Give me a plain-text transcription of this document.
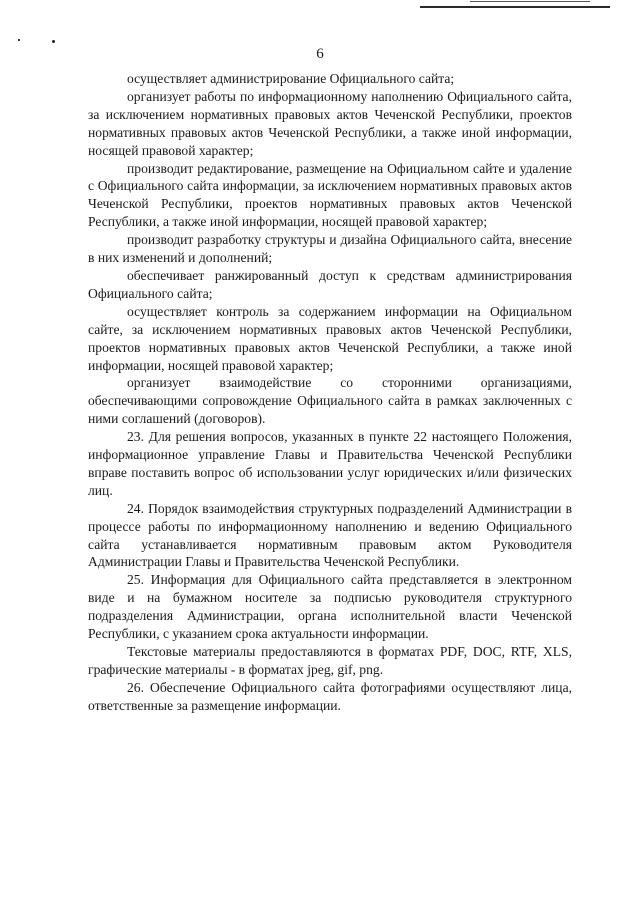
6

осуществляет администрирование Официального сайта;

организует работы по информационному наполнению Официального сайта, за исключением нормативных правовых актов Чеченской Республики, проектов нормативных правовых актов Чеченской Республики, а также иной информации, носящей правовой характер;

производит редактирование, размещение на Официальном сайте и удаление с Официального сайта информации, за исключением нормативных правовых актов Чеченской Республики, проектов нормативных правовых актов Чеченской Республики, а также иной информации, носящей правовой характер;

производит разработку структуры и дизайна Официального сайта, внесение в них изменений и дополнений;

обеспечивает ранжированный доступ к средствам администрирования Официального сайта;

осуществляет контроль за содержанием информации на Официальном сайте, за исключением нормативных правовых актов Чеченской Республики, проектов нормативных правовых актов Чеченской Республики, а также иной информации, носящей правовой характер;

организует взаимодействие со сторонними организациями, обеспечивающими сопровождение Официального сайта в рамках заключенных с ними соглашений (договоров).

23. Для решения вопросов, указанных в пункте 22 настоящего Положения, информационное управление Главы и Правительства Чеченской Республики вправе поставить вопрос об использовании услуг юридических и/или физических лиц.

24. Порядок взаимодействия структурных подразделений Администрации в процессе работы по информационному наполнению и ведению Официального сайта устанавливается нормативным правовым актом Руководителя Администрации Главы и Правительства Чеченской Республики.

25. Информация для Официального сайта представляется в электронном виде и на бумажном носителе за подписью руководителя структурного подразделения Администрации, органа исполнительной власти Чеченской Республики, с указанием срока актуальности информации.

Текстовые материалы предоставляются в форматах PDF, DOC, RTF, XLS, графические материалы - в форматах jpeg, gif, png.

26. Обеспечение Официального сайта фотографиями осуществляют лица, ответственные за размещение информации.
